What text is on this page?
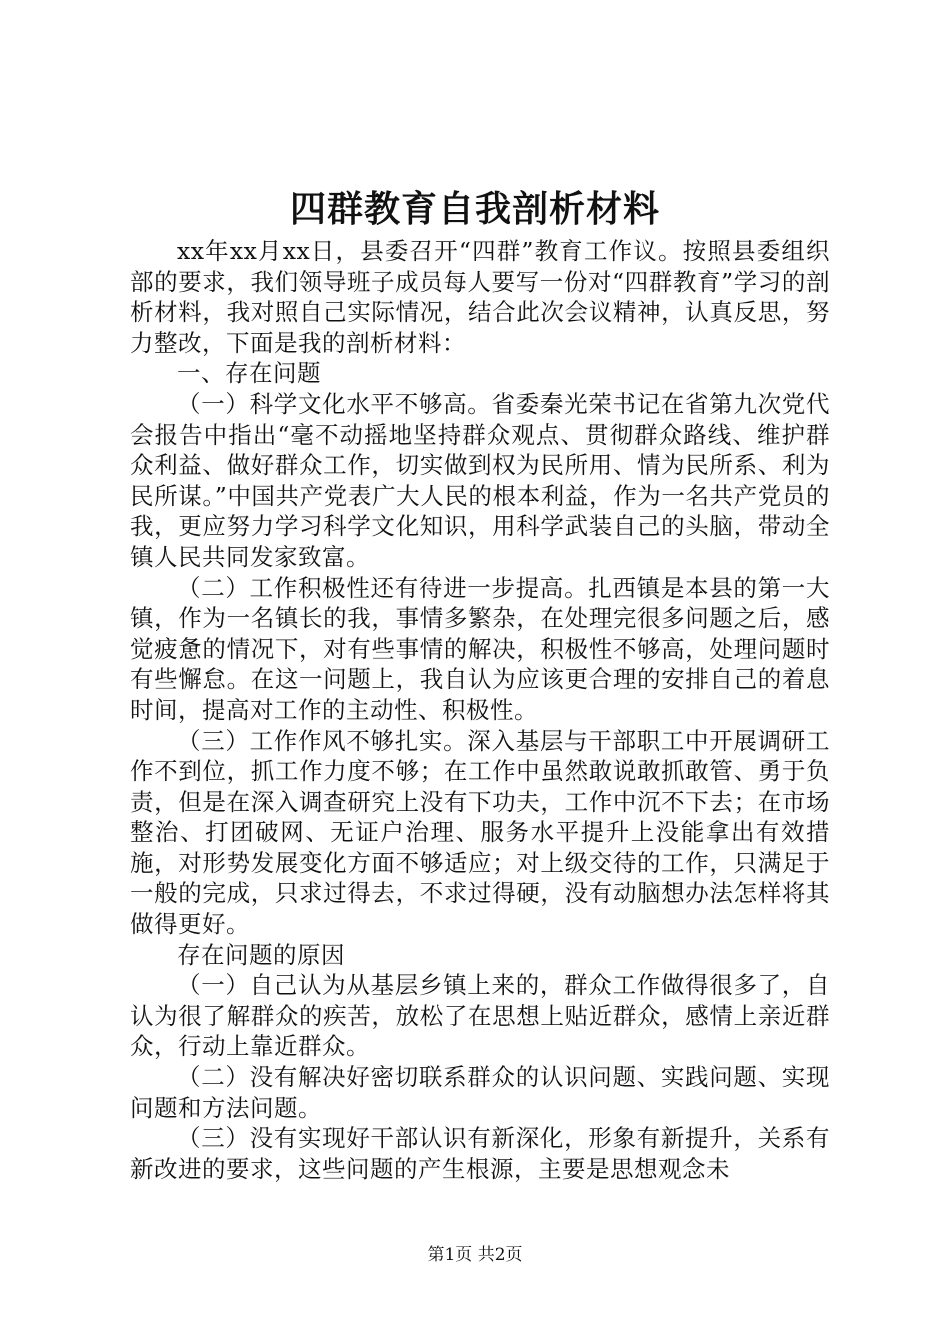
四群教育自我剖析材料

xx年xx月xx日，县委召开“四群”教育工作议。按照县委组织部的要求，我们领导班子成员每人要写一份对“四群教育”学习的剖析材料，我对照自己实际情况，结合此次会议精神，认真反思，努力整改，下面是我的剖析材料：

一、存在问题

（一）科学文化水平不够高。省委秦光荣书记在省第九次党代会报告中指出“毫不动摇地坚持群众观点、贯彻群众路线、维护群众利益、做好群众工作，切实做到权为民所用、情为民所系、利为民所谋。”中国共产党表广大人民的根本利益，作为一名共产党员的我，更应努力学习科学文化知识，用科学武装自己的头脑，带动全镇人民共同发家致富。

（二）工作积极性还有待进一步提高。扎西镇是本县的第一大镇，作为一名镇长的我，事情多繁杂，在处理完很多问题之后，感觉疲惫的情况下，对有些事情的解决，积极性不够高，处理问题时有些懈怠。在这一问题上，我自认为应该更合理的安排自己的着息时间，提高对工作的主动性、积极性。

（三）工作作风不够扎实。深入基层与干部职工中开展调研工作不到位，抓工作力度不够；在工作中虽然敢说敢抓敢管、勇于负责，但是在深入调查研究上没有下功夫，工作中沉不下去；在市场整治、打团破网、无证户治理、服务水平提升上没能拿出有效措施，对形势发展变化方面不够适应；对上级交待的工作，只满足于一般的完成，只求过得去，不求过得硬，没有动脑想办法怎样将其做得更好。

存在问题的原因

（一）自己认为从基层乡镇上来的，群众工作做得很多了，自认为很了解群众的疾苦，放松了在思想上贴近群众，感情上亲近群众，行动上靠近群众。

（二）没有解决好密切联系群众的认识问题、实践问题、实现问题和方法问题。

（三）没有实现好干部认识有新深化，形象有新提升，关系有新改进的要求，这些问题的产生根源，主要是思想观念未

第1页 共2页
